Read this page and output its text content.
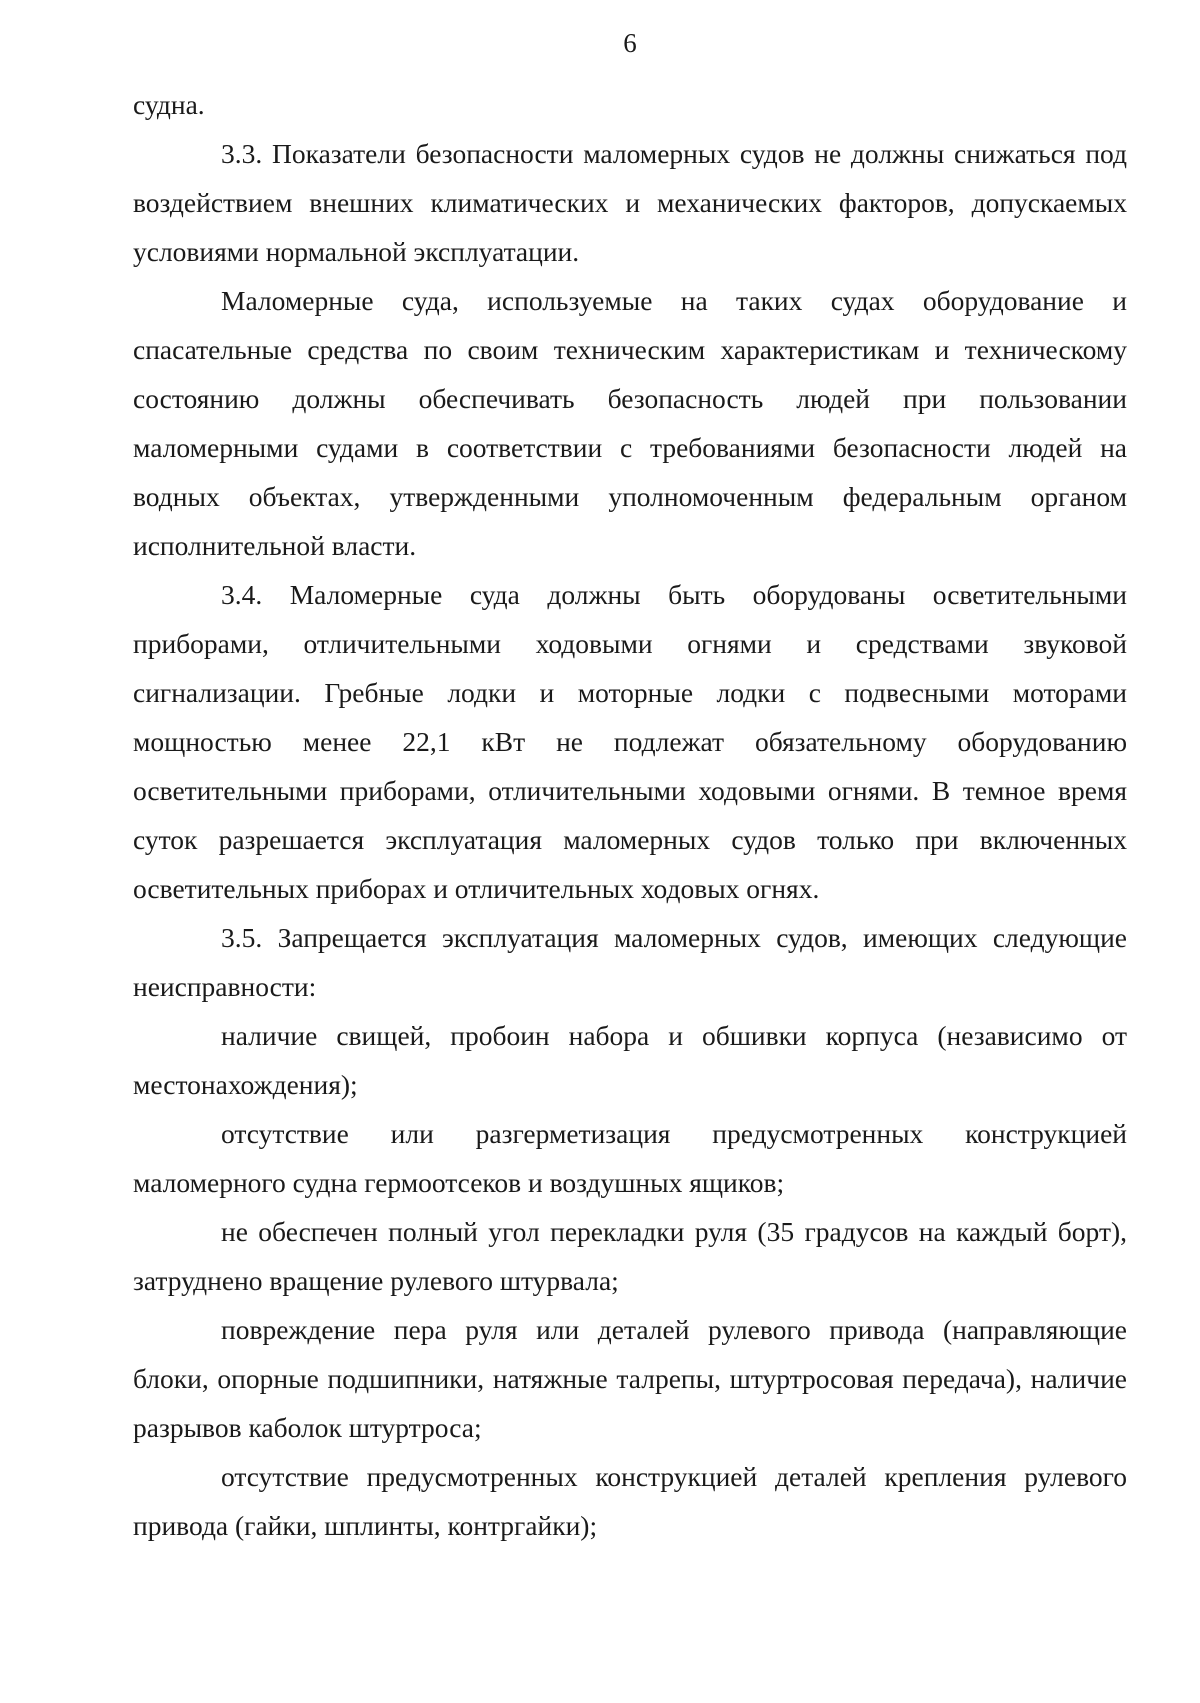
6

судна.

3.3. Показатели безопасности маломерных судов не должны снижаться под воздействием внешних климатических и механических факторов, допускаемых условиями нормальной эксплуатации.

Маломерные суда, используемые на таких судах оборудование и спасательные средства по своим техническим характеристикам и техническому состоянию должны обеспечивать безопасность людей при пользовании маломерными судами в соответствии с требованиями безопасности людей на водных объектах, утвержденными уполномоченным федеральным органом исполнительной власти.

3.4. Маломерные суда должны быть оборудованы осветительными приборами, отличительными ходовыми огнями и средствами звуковой сигнализации. Гребные лодки и моторные лодки с подвесными моторами мощностью менее 22,1 кВт не подлежат обязательному оборудованию осветительными приборами, отличительными ходовыми огнями. В темное время суток разрешается эксплуатация маломерных судов только при включенных осветительных приборах и отличительных ходовых огнях.

3.5. Запрещается эксплуатация маломерных судов, имеющих следующие неисправности:

наличие свищей, пробоин набора и обшивки корпуса (независимо от местонахождения);

отсутствие или разгерметизация предусмотренных конструкцией маломерного судна гермоотсеков и воздушных ящиков;

не обеспечен полный угол перекладки руля (35 градусов на каждый борт), затруднено вращение рулевого штурвала;

повреждение пера руля или деталей рулевого привода (направляющие блоки, опорные подшипники, натяжные талрепы, штуртросовая передача), наличие разрывов каболок штуртроса;

отсутствие предусмотренных конструкцией деталей крепления рулевого привода (гайки, шплинты, контргайки);
